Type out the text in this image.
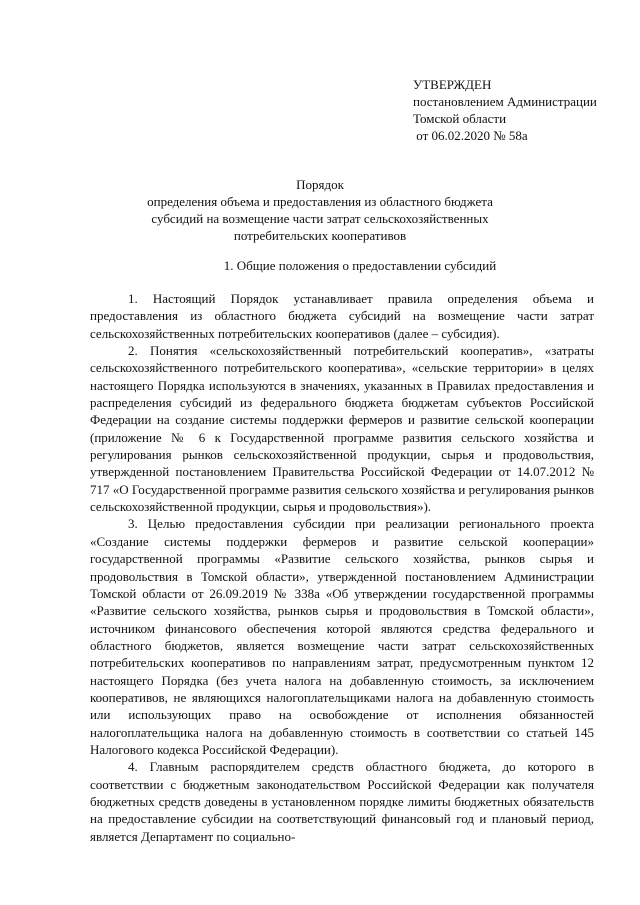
УТВЕРЖДЕН
постановлением Администрации
Томской области
от 06.02.2020 № 58а
Порядок
определения объема и предоставления из областного бюджета
субсидий на возмещение части затрат сельскохозяйственных
потребительских кооперативов
1. Общие положения о предоставлении субсидий

1. Настоящий Порядок устанавливает правила определения объема и предоставления из областного бюджета субсидий на возмещение части затрат сельскохозяйственных потребительских кооперативов (далее – субсидия).

2. Понятия «сельскохозяйственный потребительский кооператив», «затраты сельскохозяйственного потребительского кооператива», «сельские территории» в целях настоящего Порядка используются в значениях, указанных в Правилах предоставления и распределения субсидий из федерального бюджета бюджетам субъектов Российской Федерации на создание системы поддержки фермеров и развитие сельской кооперации (приложение № 6 к Государственной программе развития сельского хозяйства и регулирования рынков сельскохозяйственной продукции, сырья и продовольствия, утвержденной постановлением Правительства Российской Федерации от 14.07.2012 № 717 «О Государственной программе развития сельского хозяйства и регулирования рынков сельскохозяйственной продукции, сырья и продовольствия»).

3. Целью предоставления субсидии при реализации регионального проекта «Создание системы поддержки фермеров и развитие сельской кооперации» государственной программы «Развитие сельского хозяйства, рынков сырья и продовольствия в Томской области», утвержденной постановлением Администрации Томской области от 26.09.2019 № 338а «Об утверждении государственной программы «Развитие сельского хозяйства, рынков сырья и продовольствия в Томской области», источником финансового обеспечения которой являются средства федерального и областного бюджетов, является возмещение части затрат сельскохозяйственных потребительских кооперативов по направлениям затрат, предусмотренным пунктом 12 настоящего Порядка (без учета налога на добавленную стоимость, за исключением кооперативов, не являющихся налогоплательщиками налога на добавленную стоимость или использующих право на освобождение от исполнения обязанностей налогоплательщика налога на добавленную стоимость в соответствии со статьей 145 Налогового кодекса Российской Федерации).

4. Главным распорядителем средств областного бюджета, до которого в соответствии с бюджетным законодательством Российской Федерации как получателя бюджетных средств доведены в установленном порядке лимиты бюджетных обязательств на предоставление субсидии на соответствующий финансовый год и плановый период, является Департамент по социально-
